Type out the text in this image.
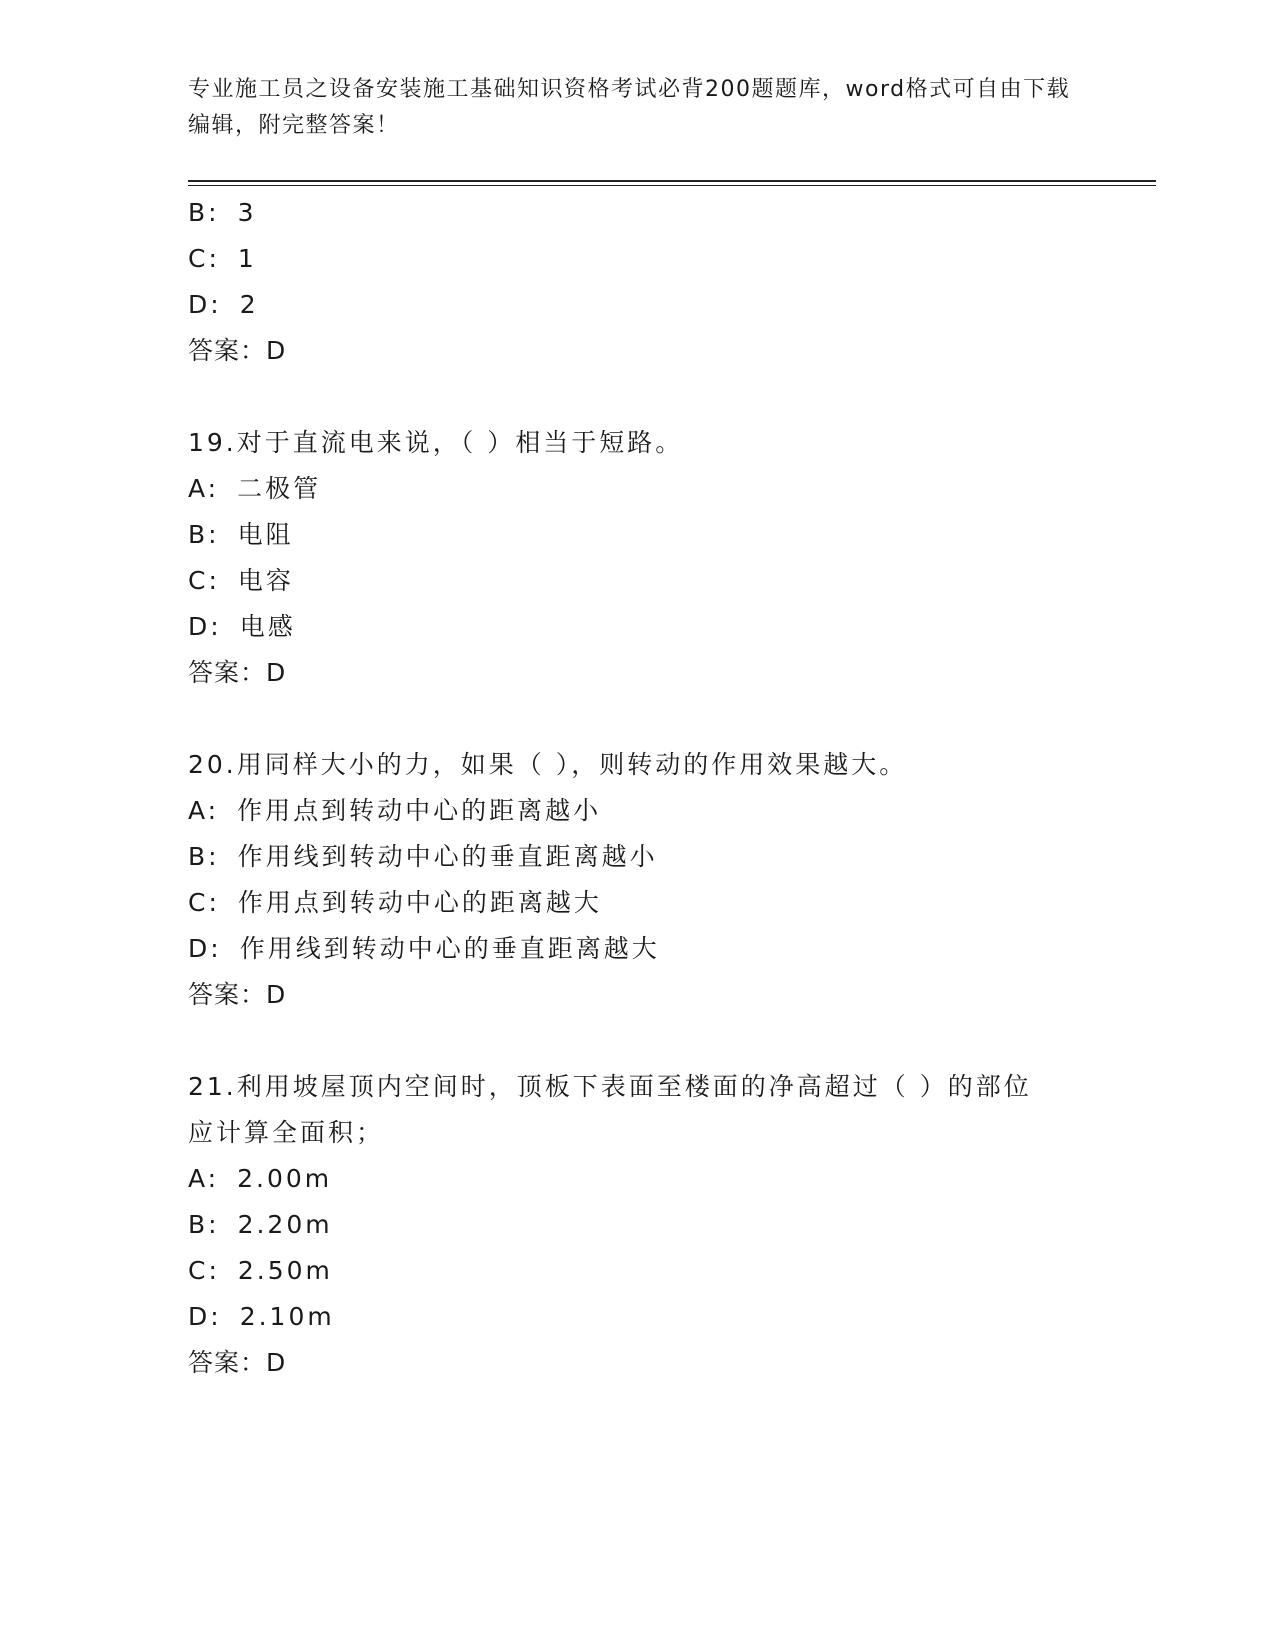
专业施工员之设备安装施工基础知识资格考试必背200题题库，word格式可自由下载编辑，附完整答案！

B: 3
C: 1
D: 2
答案：D
19.对于直流电来说，（ ）相当于短路。
A: 二极管
B: 电阻
C: 电容
D: 电感
答案：D
20.用同样大小的力，如果（ ），则转动的作用效果越大。
A: 作用点到转动中心的距离越小
B: 作用线到转动中心的垂直距离越小
C: 作用点到转动中心的距离越大
D: 作用线到转动中心的垂直距离越大
答案：D
21.利用坡屋顶内空间时，顶板下表面至楼面的净高超过（ ）的部位
应计算全面积；
A: 2.00m
B: 2.20m
C: 2.50m
D: 2.10m
答案：D
